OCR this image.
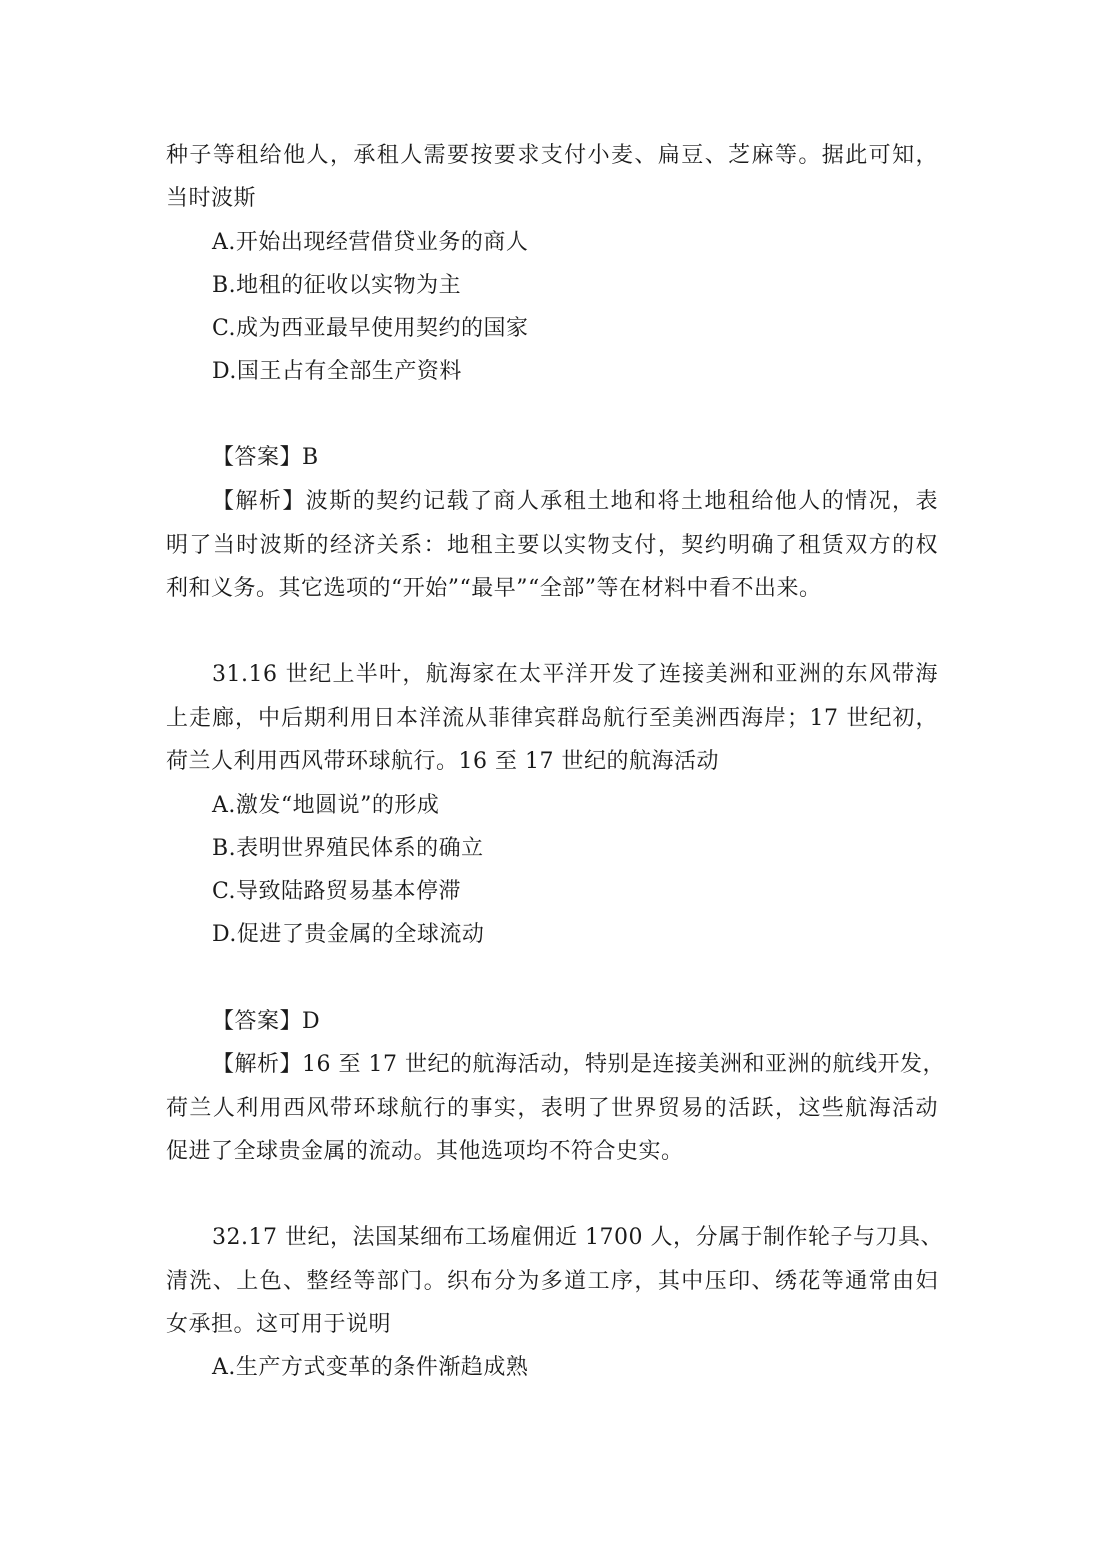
种子等租给他人，承租人需要按要求支付小麦、扁豆、芝麻等。据此可知，
当时波斯
A.开始出现经营借贷业务的商人
B.地租的征收以实物为主
C.成为西亚最早使用契约的国家
D.国王占有全部生产资料
【答案】B
【解析】波斯的契约记载了商人承租土地和将土地租给他人的情况，表
明了当时波斯的经济关系：地租主要以实物支付，契约明确了租赁双方的权
利和义务。其它选项的“开始”“最早”“全部”等在材料中看不出来。
31.16 世纪上半叶，航海家在太平洋开发了连接美洲和亚洲的东风带海
上走廊，中后期利用日本洋流从菲律宾群岛航行至美洲西海岸；17 世纪初，
荷兰人利用西风带环球航行。16 至 17 世纪的航海活动
A.激发“地圆说”的形成
B.表明世界殖民体系的确立
C.导致陆路贸易基本停滞
D.促进了贵金属的全球流动
【答案】D
【解析】16 至 17 世纪的航海活动，特别是连接美洲和亚洲的航线开发，
荷兰人利用西风带环球航行的事实，表明了世界贸易的活跃，这些航海活动
促进了全球贵金属的流动。其他选项均不符合史实。
32.17 世纪，法国某细布工场雇佣近 1700 人，分属于制作轮子与刀具、
清洗、上色、整经等部门。织布分为多道工序，其中压印、绣花等通常由妇
女承担。这可用于说明
A.生产方式变革的条件渐趋成熟
